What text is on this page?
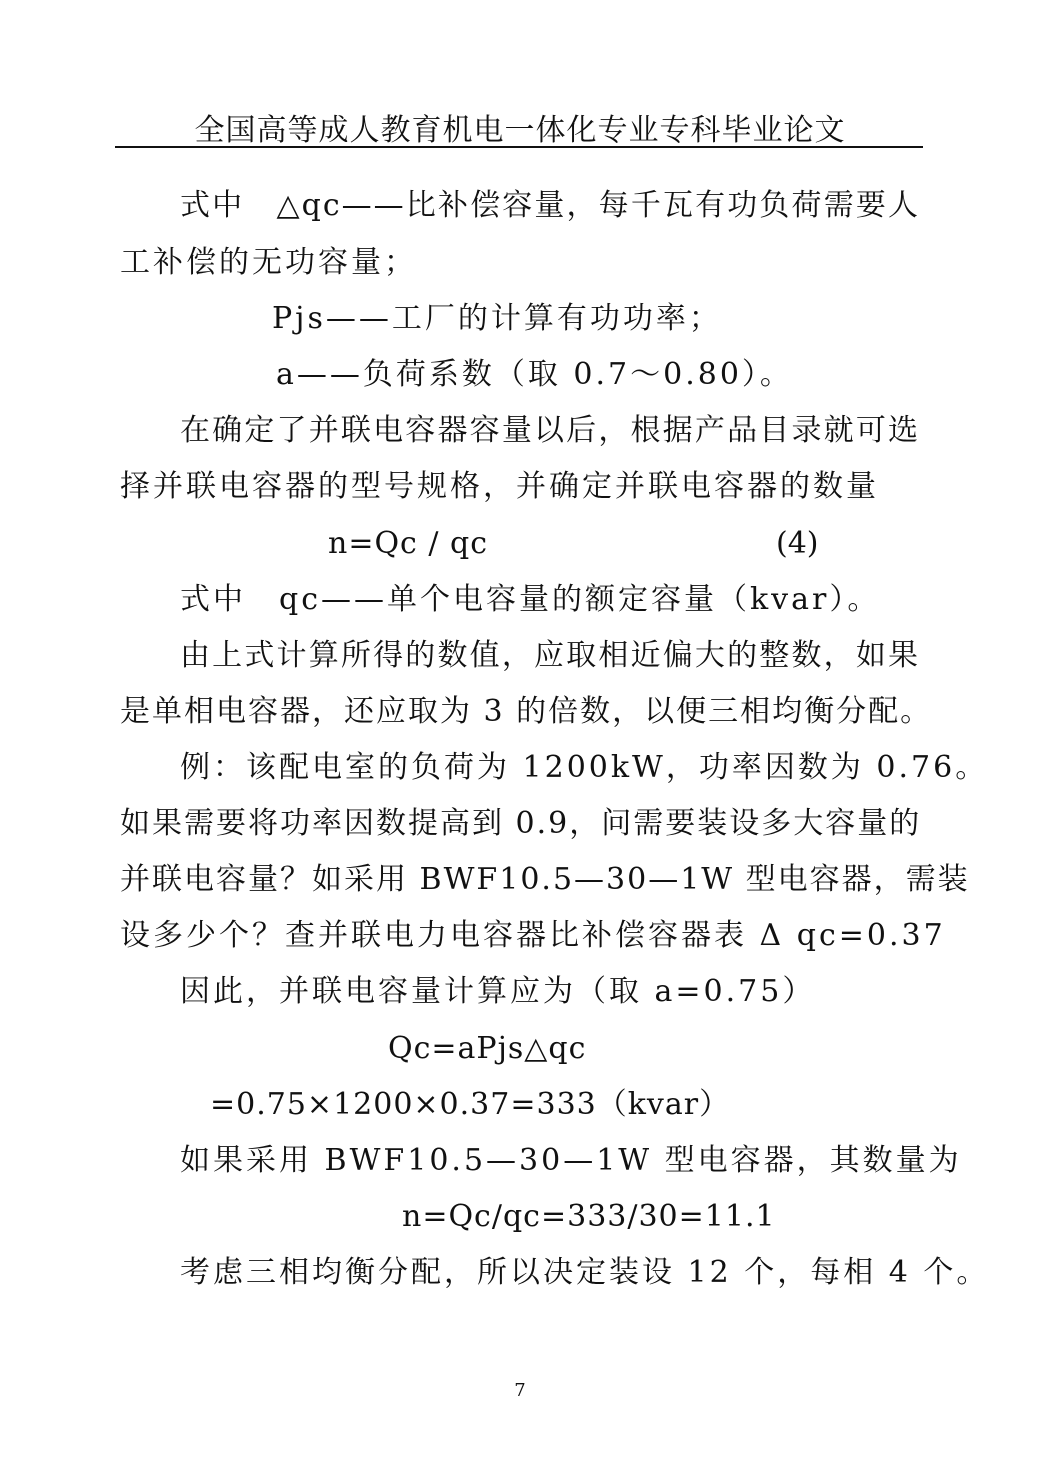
全国高等成人教育机电一体化专业专科毕业论文
式中　△qc——比补偿容量，每千瓦有功负荷需要人
工补偿的无功容量；
Pjs——工厂的计算有功功率；
a——负荷系数（取 0.7～0.80）。
在确定了并联电容器容量以后，根据产品目录就可选
择并联电容器的型号规格，并确定并联电容器的数量
n=Qc / qc	(4)
式中　qc——单个电容量的额定容量（kvar）。
由上式计算所得的数值，应取相近偏大的整数，如果
是单相电容器，还应取为 3 的倍数，以便三相均衡分配。
例：该配电室的负荷为 1200kW，功率因数为 0.76。
如果需要将功率因数提高到 0.9，问需要装设多大容量的
并联电容量？如采用 BWF10.5—30—1W 型电容器，需装
设多少个？查并联电力电容器比补偿容器表 Δ qc=0.37
因此，并联电容量计算应为（取 a=0.75）
Qc=aPjs△qc
=0.75×1200×0.37=333（kvar）
如果采用 BWF10.5—30—1W 型电容器，其数量为
n=Qc/qc=333/30=11.1
考虑三相均衡分配，所以决定装设 12 个，每相 4 个。
7
